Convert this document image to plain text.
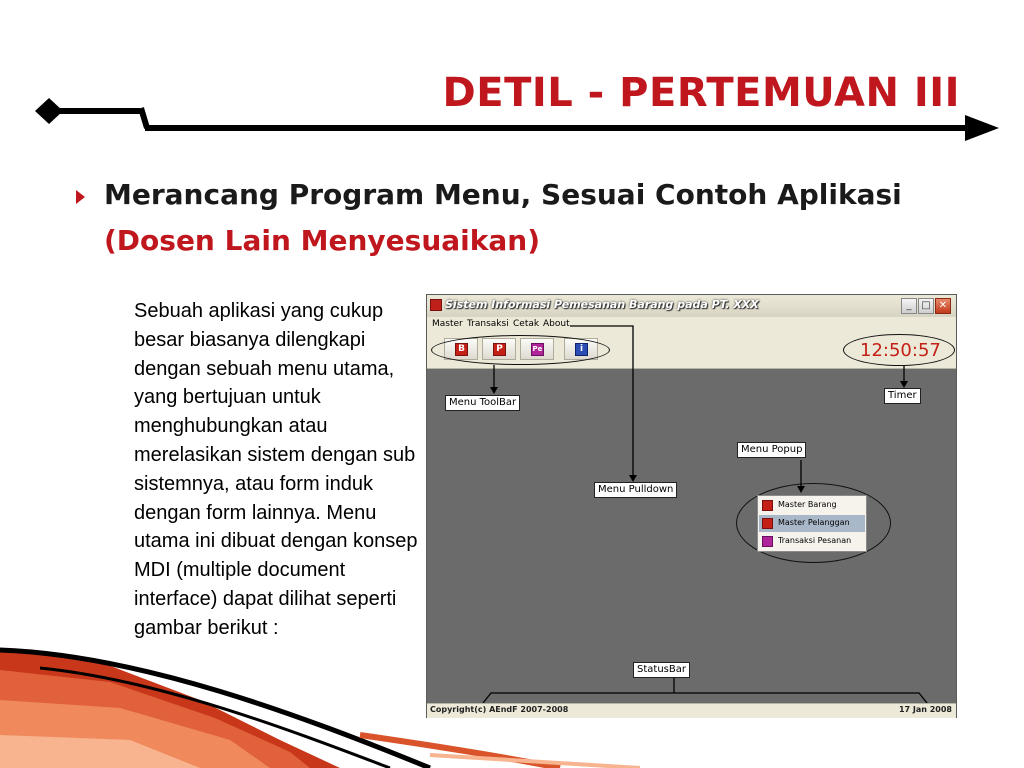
DETIL - PERTEMUAN III
Merancang Program Menu, Sesuai Contoh Aplikasi
(Dosen Lain Menyesuaikan)
Sebuah aplikasi yang cukup besar biasanya dilengkapi dengan sebuah menu utama, yang bertujuan untuk menghubungkan atau merelasikan sistem dengan sub sistemnya, atau form induk dengan form lainnya. Menu utama ini dibuat dengan konsep MDI (multiple document interface) dapat dilihat seperti gambar berikut :
Sistem Informasi Pemesanan Barang pada PT. XXX	_ □ ✕
Master Transaksi Cetak About
B	P	Pe	i	12:50:57
Master Barang
Master Pelanggan
Transaksi Pesanan
Menu ToolBar
Timer
Menu Popup
Menu Pulldown
StatusBar
Copyright(c) AEndF 2007-2008	17 Jan 2008
